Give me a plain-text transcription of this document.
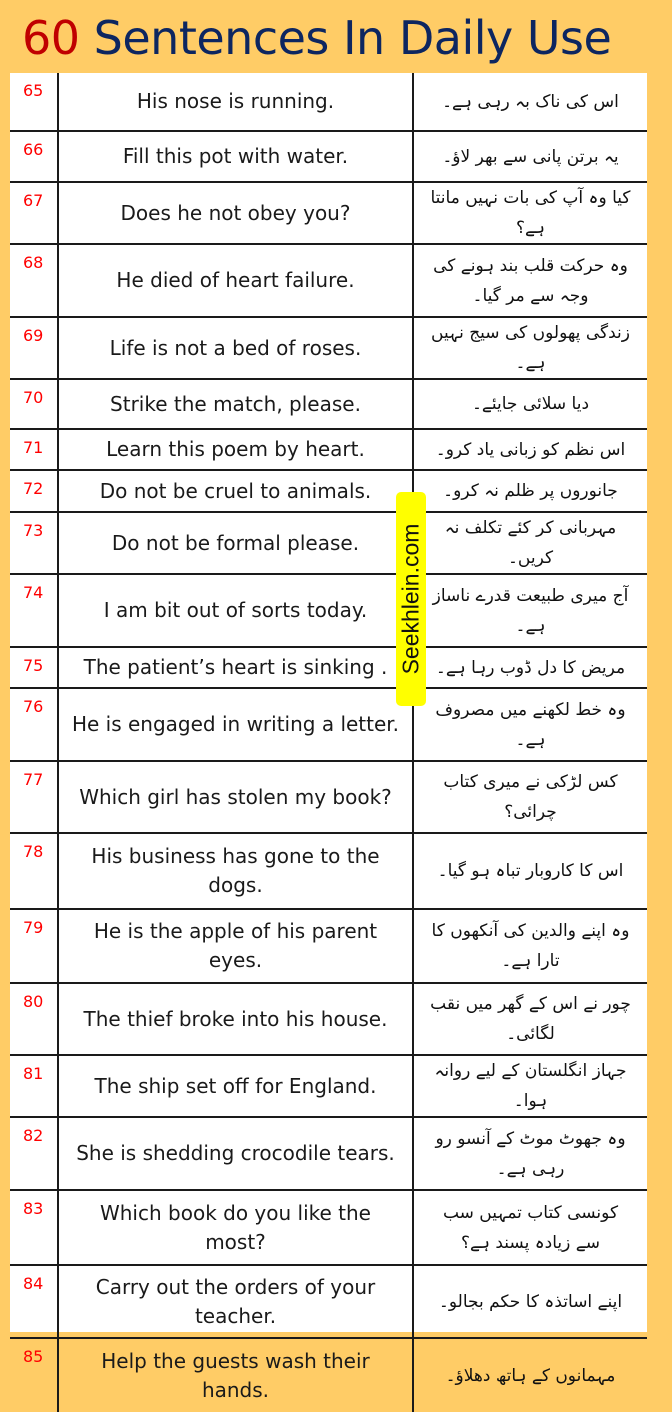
60 Sentences In Daily Use
65	His nose is running.	اس کی ناک بہ رہی ہے۔
66	Fill this pot with water.	یہ برتن پانی سے بھر لاؤ۔
67	Does he not obey you?	کیا وہ آپ کی بات نہیں مانتا ہے؟
68	He died of heart failure.	وہ حرکت قلب بند ہونے کی وجہ سے مر گیا۔
69	Life is not a bed of roses.	زندگی پھولوں کی سیج نہیں ہے۔
70	Strike the match, please.	دیا سلائی جایئے۔
71	Learn this poem by heart.	اس نظم کو زبانی یاد کرو۔
72	Do not be cruel to animals.	جانوروں پر ظلم نہ کرو۔
73	Do not be formal please.	مہربانی کر کئے تکلف نہ کریں۔
74	I am bit out of sorts today.	آج میری طبیعت قدرے ناساز ہے۔
75	The patient’s heart is sinking .	مریض کا دل ڈوب رہا ہے۔
76	He is engaged in writing a letter.	وہ خط لکھنے میں مصروف ہے۔
77	Which girl has stolen my book?	کس لڑکی نے میری کتاب چرائی؟
78	His business has gone to the dogs.	اس کا کاروبار تباہ ہو گیا۔
79	He is the apple of his parent eyes.	وہ اپنے والدین کی آنکھوں کا تارا ہے۔
80	The thief broke into his house.	چور نے اس کے گھر میں نقب لگائی۔
81	The ship set off for England.	جہاز انگلستان کے لیے روانہ ہوا۔
82	She is shedding crocodile tears.	وہ جھوٹ موٹ کے آنسو رو رہی ہے۔
83	Which book do you like the most?	کونسی کتاب تمہیں سب سے زیادہ پسند ہے؟
84	Carry out the orders of your teacher.	اپنے اساتذہ کا حکم بجالو۔
85	Help the guests wash their hands.	مہمانوں کے ہاتھ دھلاؤ۔
Seekhlein.com
